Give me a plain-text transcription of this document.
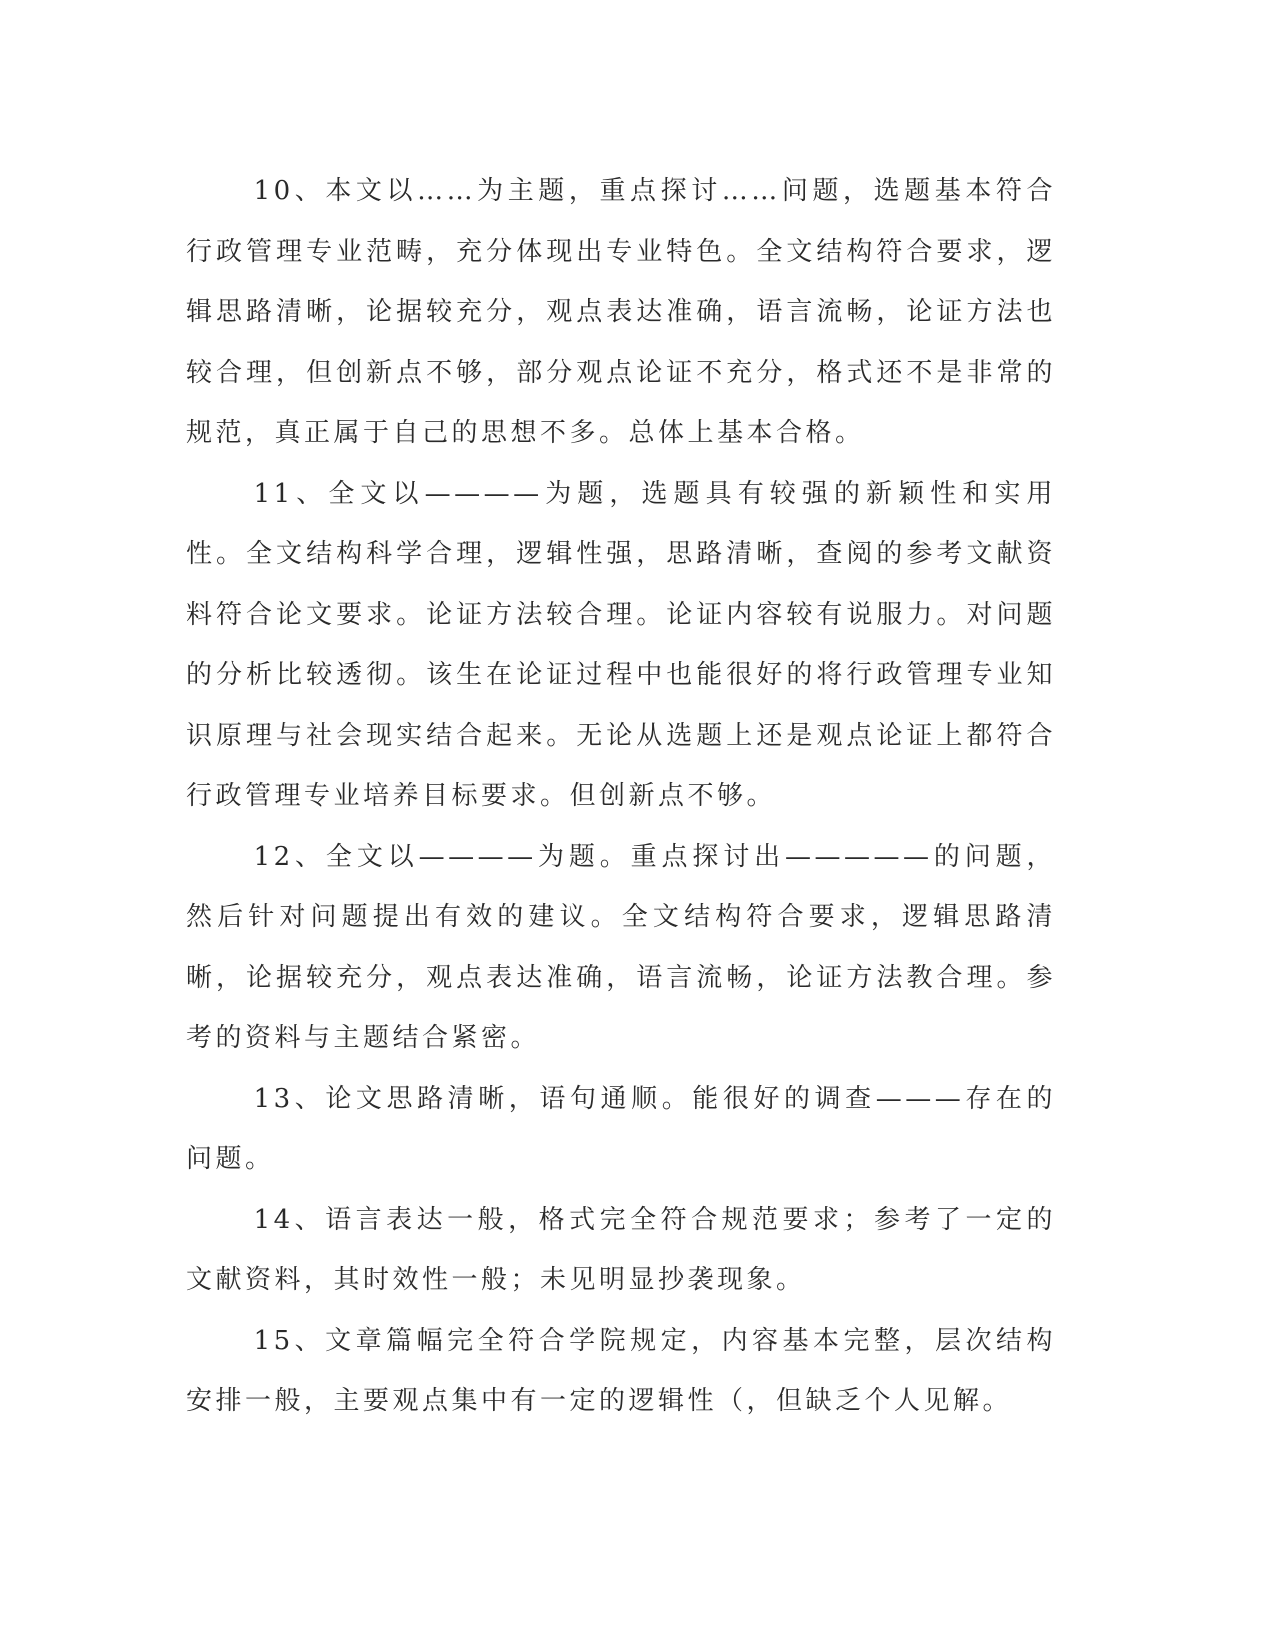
10、本文以……为主题，重点探讨……问题，选题基本符合行政管理专业范畴，充分体现出专业特色。全文结构符合要求，逻辑思路清晰，论据较充分，观点表达准确，语言流畅，论证方法也较合理，但创新点不够，部分观点论证不充分，格式还不是非常的规范，真正属于自己的思想不多。总体上基本合格。

11、全文以————为题，选题具有较强的新颖性和实用性。全文结构科学合理，逻辑性强，思路清晰，查阅的参考文献资料符合论文要求。论证方法较合理。论证内容较有说服力。对问题的分析比较透彻。该生在论证过程中也能很好的将行政管理专业知识原理与社会现实结合起来。无论从选题上还是观点论证上都符合行政管理专业培养目标要求。但创新点不够。

12、全文以————为题。重点探讨出—————的问题，然后针对问题提出有效的建议。全文结构符合要求，逻辑思路清晰，论据较充分，观点表达准确，语言流畅，论证方法教合理。参考的资料与主题结合紧密。

13、论文思路清晰，语句通顺。能很好的调查———存在的问题。

14、语言表达一般，格式完全符合规范要求；参考了一定的文献资料，其时效性一般；未见明显抄袭现象。

15、文章篇幅完全符合学院规定，内容基本完整，层次结构安排一般，主要观点集中有一定的逻辑性（，但缺乏个人见解。
